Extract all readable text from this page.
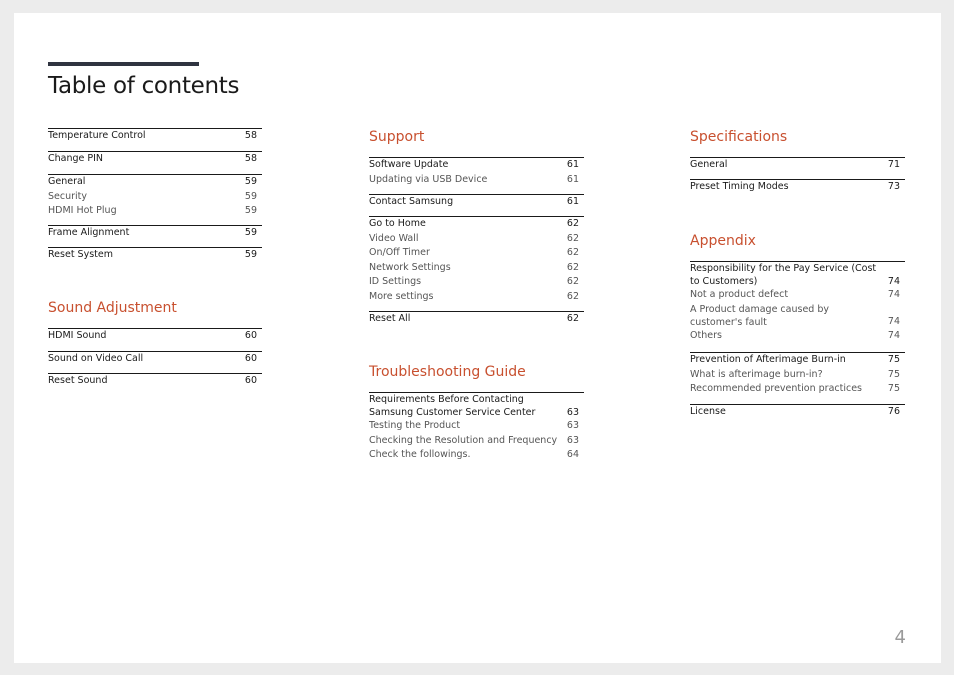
Table of contents
Temperature Control	58
Change PIN	58
General	59
Security	59
HDMI Hot Plug	59
Frame Alignment	59
Reset System	59
Sound Adjustment
HDMI Sound	60
Sound on Video Call	60
Reset Sound	60
Support
Software Update	61
Updating via USB Device	61
Contact Samsung	61
Go to Home	62
Video Wall	62
On/Off Timer	62
Network Settings	62
ID Settings	62
More settings	62
Reset All	62
Troubleshooting Guide
Requirements Before Contacting Samsung Customer Service Center	63
Testing the Product	63
Checking the Resolution and Frequency 63
Check the followings.	64
Specifications
General	71
Preset Timing Modes	73
Appendix
Responsibility for the Pay Service (Cost to Customers)	74
Not a product defect	74
A Product damage caused by customer's fault	74
Others	74
Prevention of Afterimage Burn-in	75
What is afterimage burn-in?	75
Recommended prevention practices	75
License	76
4
